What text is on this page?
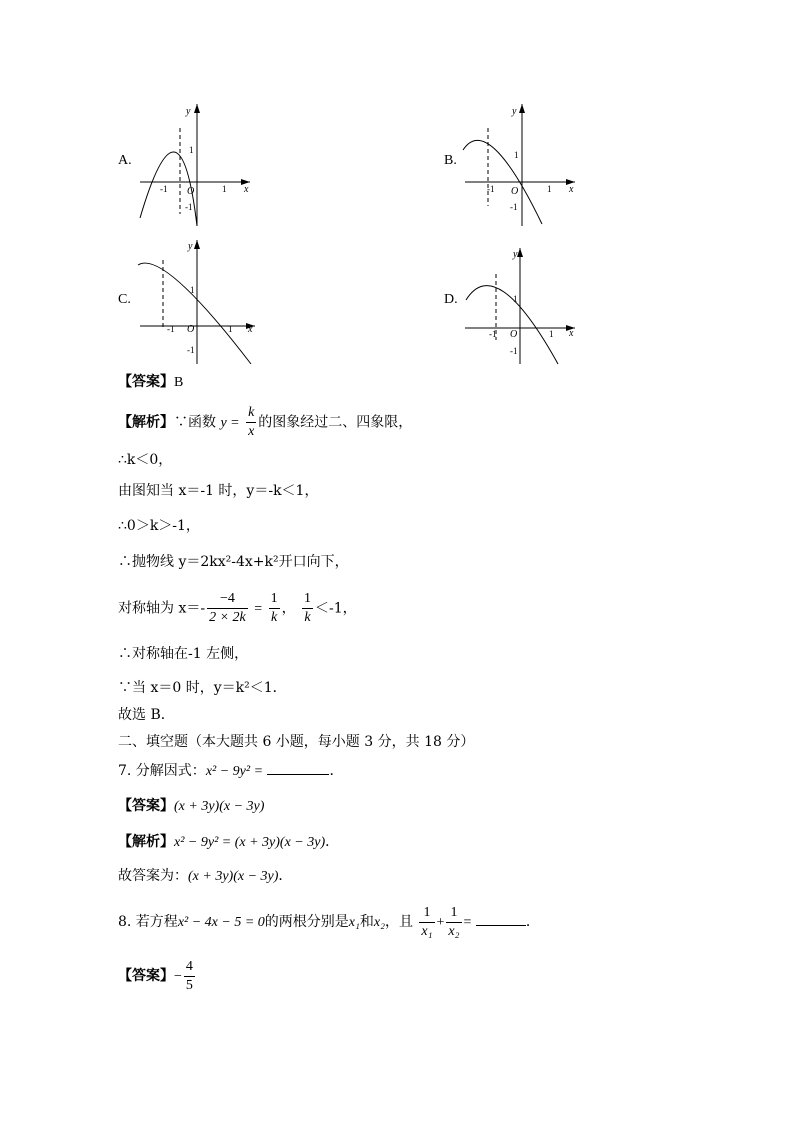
A.
y
x
O
1
-1
1
-1
B.
y
x
O
1
-1
1
-1
C.
y
x
O
1
-1
1
-1
D.
y
x
O
1
-1
1
-1
【答案】B
【解析】∵函数 $y = \frac{k}{x}$ 的图象经过二、四象限，
∴k＜0，
由图知当 x＝-1 时，y＝-k＜1，
∴0＞k＞-1，
∴抛物线 y＝2kx²-4x+k²开口向下，
对称轴为 $x=- \frac{-4}{2 \times 2k} = \frac{1}{k}$ ， $\frac{1}{k} <-1$，
∴对称轴在-1 左侧，
∵当 x＝0 时，y＝k²＜1．
故选 B．
二、填空题（本大题共 6 小题，每小题 3 分，共 18 分）
7. 分解因式：x² − 9y² =	．
【答案】(x + 3y)(x − 3y)
【解析】x² − 9y² = (x + 3y)(x − 3y)．
故答案为：(x + 3y)(x − 3y)．
8. 若方程x² − 4x − 5 = 0的两根分别是x₁和x₂，且 $\frac{1}{\text{x₁}} + \frac{1}{\text{x₂}}$ =	．
【答案】− $\frac{4}{5}$
